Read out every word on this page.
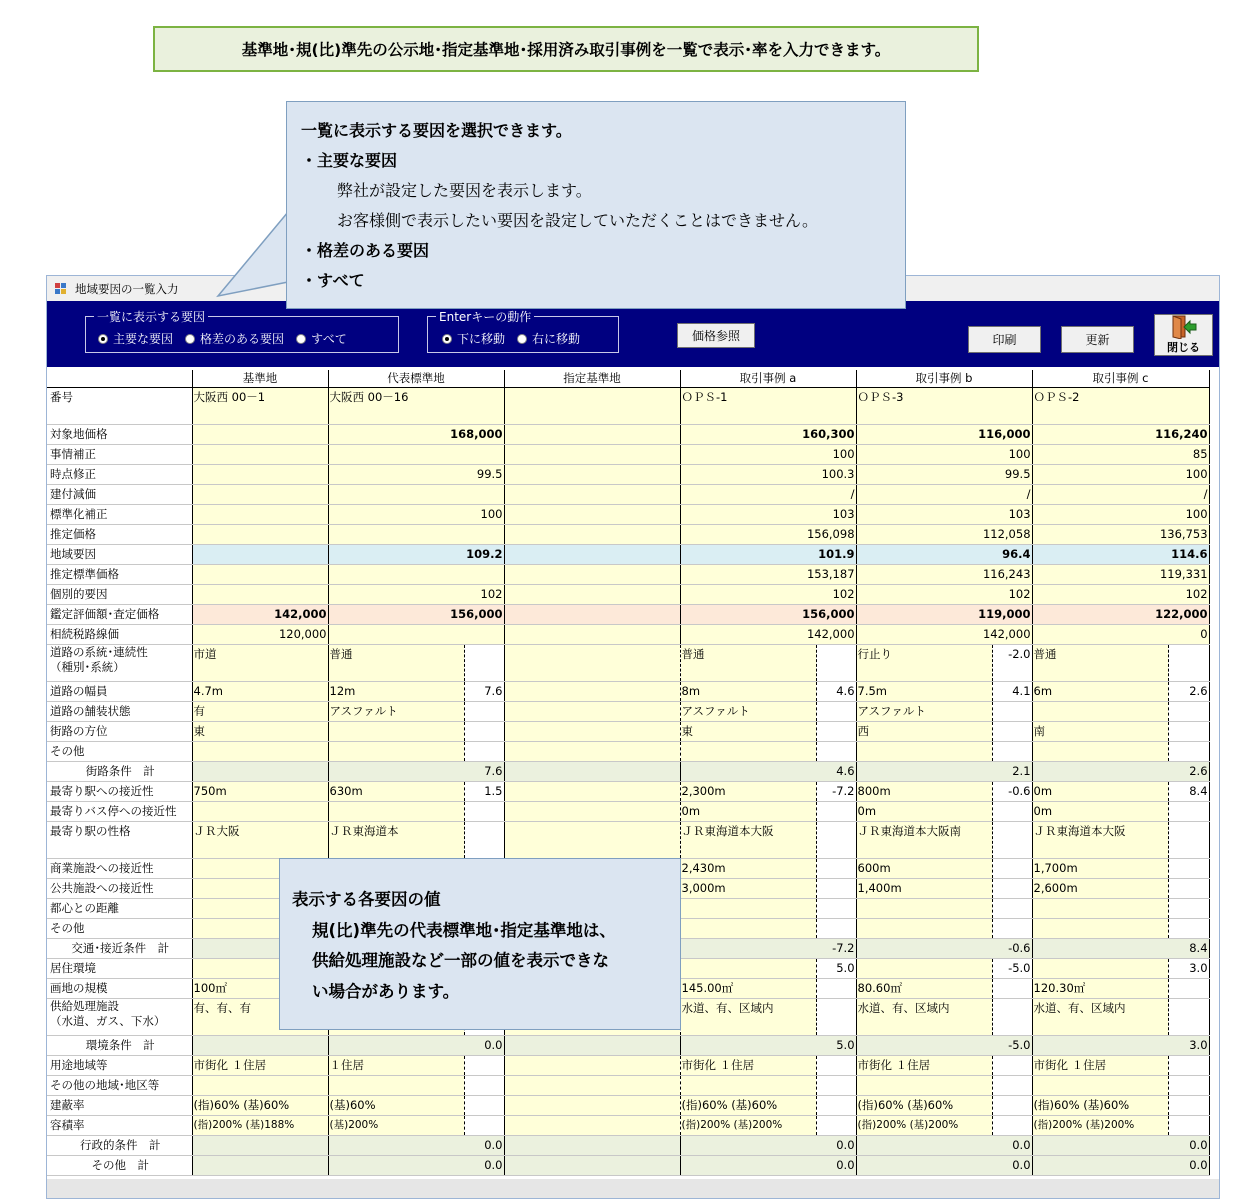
基準地･規(比)準先の公示地･指定基準地･採用済み取引事例を一覧で表示･率を入力できます。
地域要因の一覧入力
一覧に表示する要因
主要な要因 格差のある要因 すべて
Enterキーの動作
下に移動 右に移動	価格参照	印刷	更新
閉じる
	基準地	代表標準地		指定基準地	取引事例 a		取引事例 b		取引事例 c	
番号	大阪西 00－1	大阪西 00－16			ＯＰＳ-1		ＯＰＳ-3		ＯＰＳ-2	
対象地価格		168,000			160,300		116,000		116,240	
事情補正					100		100		85	
時点修正		99.5			100.3		99.5		100	
建付減価					/		/		/	
標準化補正		100			103		103		100	
推定価格					156,098		112,058		136,753	
地域要因		109.2			101.9		96.4		114.6	
推定標準価格					153,187		116,243		119,331	
個別的要因		102			102		102		102	
鑑定評価額･査定価格	142,000	156,000			156,000		119,000		122,000	
相続税路線価	120,000				142,000		142,000		0	
道路の系統･連続性
（種別･系統）	市道	普通			普通		行止り	-2.0	普通	
道路の幅員	4.7m	12m	7.6		8m	4.6	7.5m	4.1	6m	2.6
道路の舗装状態	有	アスファルト			アスファルト		アスファルト			
街路の方位	東				東		西		南	
その他										
街路条件　計		7.6			4.6		2.1		2.6	
最寄り駅への接近性	750m	630m	1.5		2,300m	-7.2	800m	-0.6	0m	8.4
最寄りバス停への接近性					0m		0m		0m	
最寄り駅の性格	ＪＲ大阪	ＪＲ東海道本			ＪＲ東海道本大阪		ＪＲ東海道本大阪南		ＪＲ東海道本大阪	
商業施設への接近性					2,430m		600m		1,700m	
公共施設への接近性					3,000m		1,400m		2,600m	
都心との距離										
その他										
交通･接近条件　計					-7.2		-0.6		8.4	
居住環境						5.0		-5.0		3.0
画地の規模	100㎡				145.00㎡		80.60㎡		120.30㎡	
供給処理施設
（水道、ガス、下水）	有、有、有				水道、有、区域内		水道、有、区域内		水道、有、区域内	
環境条件　計		0.0			5.0		-5.0		3.0	
用途地域等	市街化 １住居	１住居			市街化 １住居		市街化 １住居		市街化 １住居	
その他の地域･地区等										
建蔽率	(指)60% (基)60%	(基)60%			(指)60% (基)60%		(指)60% (基)60%		(指)60% (基)60%	
容積率	(指)200% (基)188%	(基)200%			(指)200% (基)200%		(指)200% (基)200%		(指)200% (基)200%	
行政的条件　計		0.0			0.0		0.0		0.0	
その他　計		0.0			0.0		0.0		0.0	
一覧に表示する要因を選択できます。
・主要な要因
弊社が設定した要因を表示します。
お客様側で表示したい要因を設定していただくことはできません。
・格差のある要因
・すべて
表示する各要因の値
規(比)準先の代表標準地･指定基準地は、
供給処理施設など一部の値を表示できな
い場合があります。
